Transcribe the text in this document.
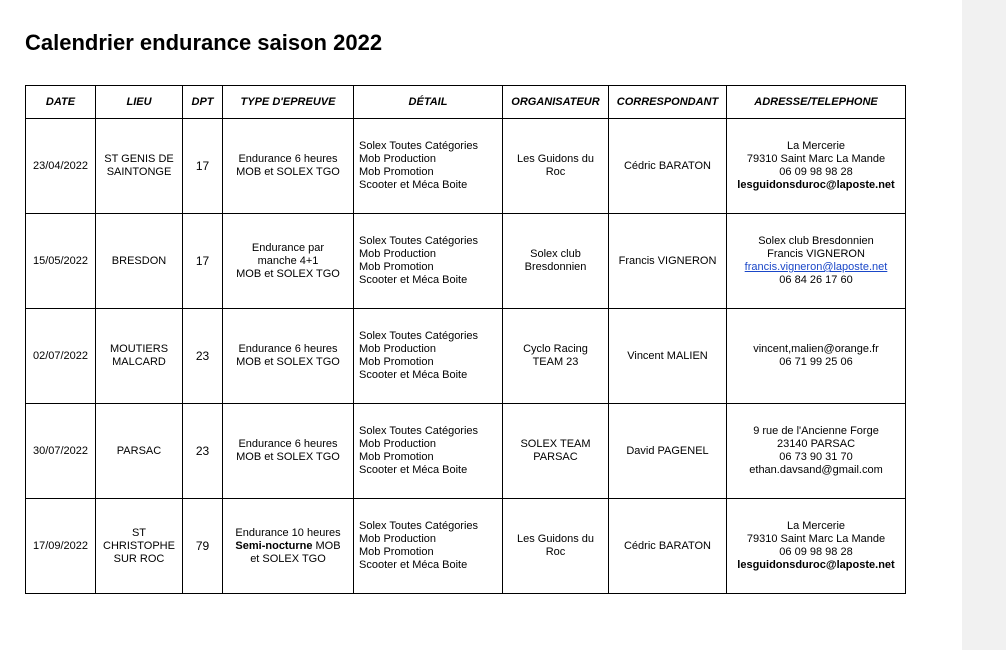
Calendrier endurance saison 2022
DATE	LIEU	DPT	TYPE D'EPREUVE	DÉTAIL	ORGANISATEUR	CORRESPONDANT	ADRESSE/TELEPHONE
23/04/2022	ST GENIS DE
SAINTONGE	17	Endurance 6 heures
MOB et SOLEX TGO	Solex Toutes Catégories
Mob Production
Mob Promotion
Scooter et Méca Boite	Les Guidons du
Roc	Cédric BARATON	La Mercerie
79310 Saint Marc La Mande
06 09 98 98 28
lesguidonsduroc@laposte.net

15/05/2022	BRESDON	17	Endurance par
manche 4+1
MOB et SOLEX TGO	Solex Toutes Catégories
Mob Production
Mob Promotion
Scooter et Méca Boite	Solex club
Bresdonnien	Francis VIGNERON	Solex club Bresdonnien
Francis VIGNERON
francis.vigneron@laposte.net
06 84 26 17 60

02/07/2022	MOUTIERS
MALCARD	23	Endurance 6 heures
MOB et SOLEX TGO	Solex Toutes Catégories
Mob Production
Mob Promotion
Scooter et Méca Boite	Cyclo Racing
TEAM 23	Vincent MALIEN	vincent,malien@orange.fr
06 71 99 25 06

30/07/2022	PARSAC	23	Endurance 6 heures
MOB et SOLEX TGO	Solex Toutes Catégories
Mob Production
Mob Promotion
Scooter et Méca Boite	SOLEX TEAM
PARSAC	David PAGENEL	9 rue de l'Ancienne Forge
23140 PARSAC
06 73 90 31 70
ethan.davsand@gmail.com

17/09/2022	ST
CHRISTOPHE
SUR ROC	79	Endurance 10 heures
Semi-nocturne MOB
et SOLEX TGO	Solex Toutes Catégories
Mob Production
Mob Promotion
Scooter et Méca Boite	Les Guidons du
Roc	Cédric BARATON	La Mercerie
79310 Saint Marc La Mande
06 09 98 98 28
lesguidonsduroc@laposte.net
